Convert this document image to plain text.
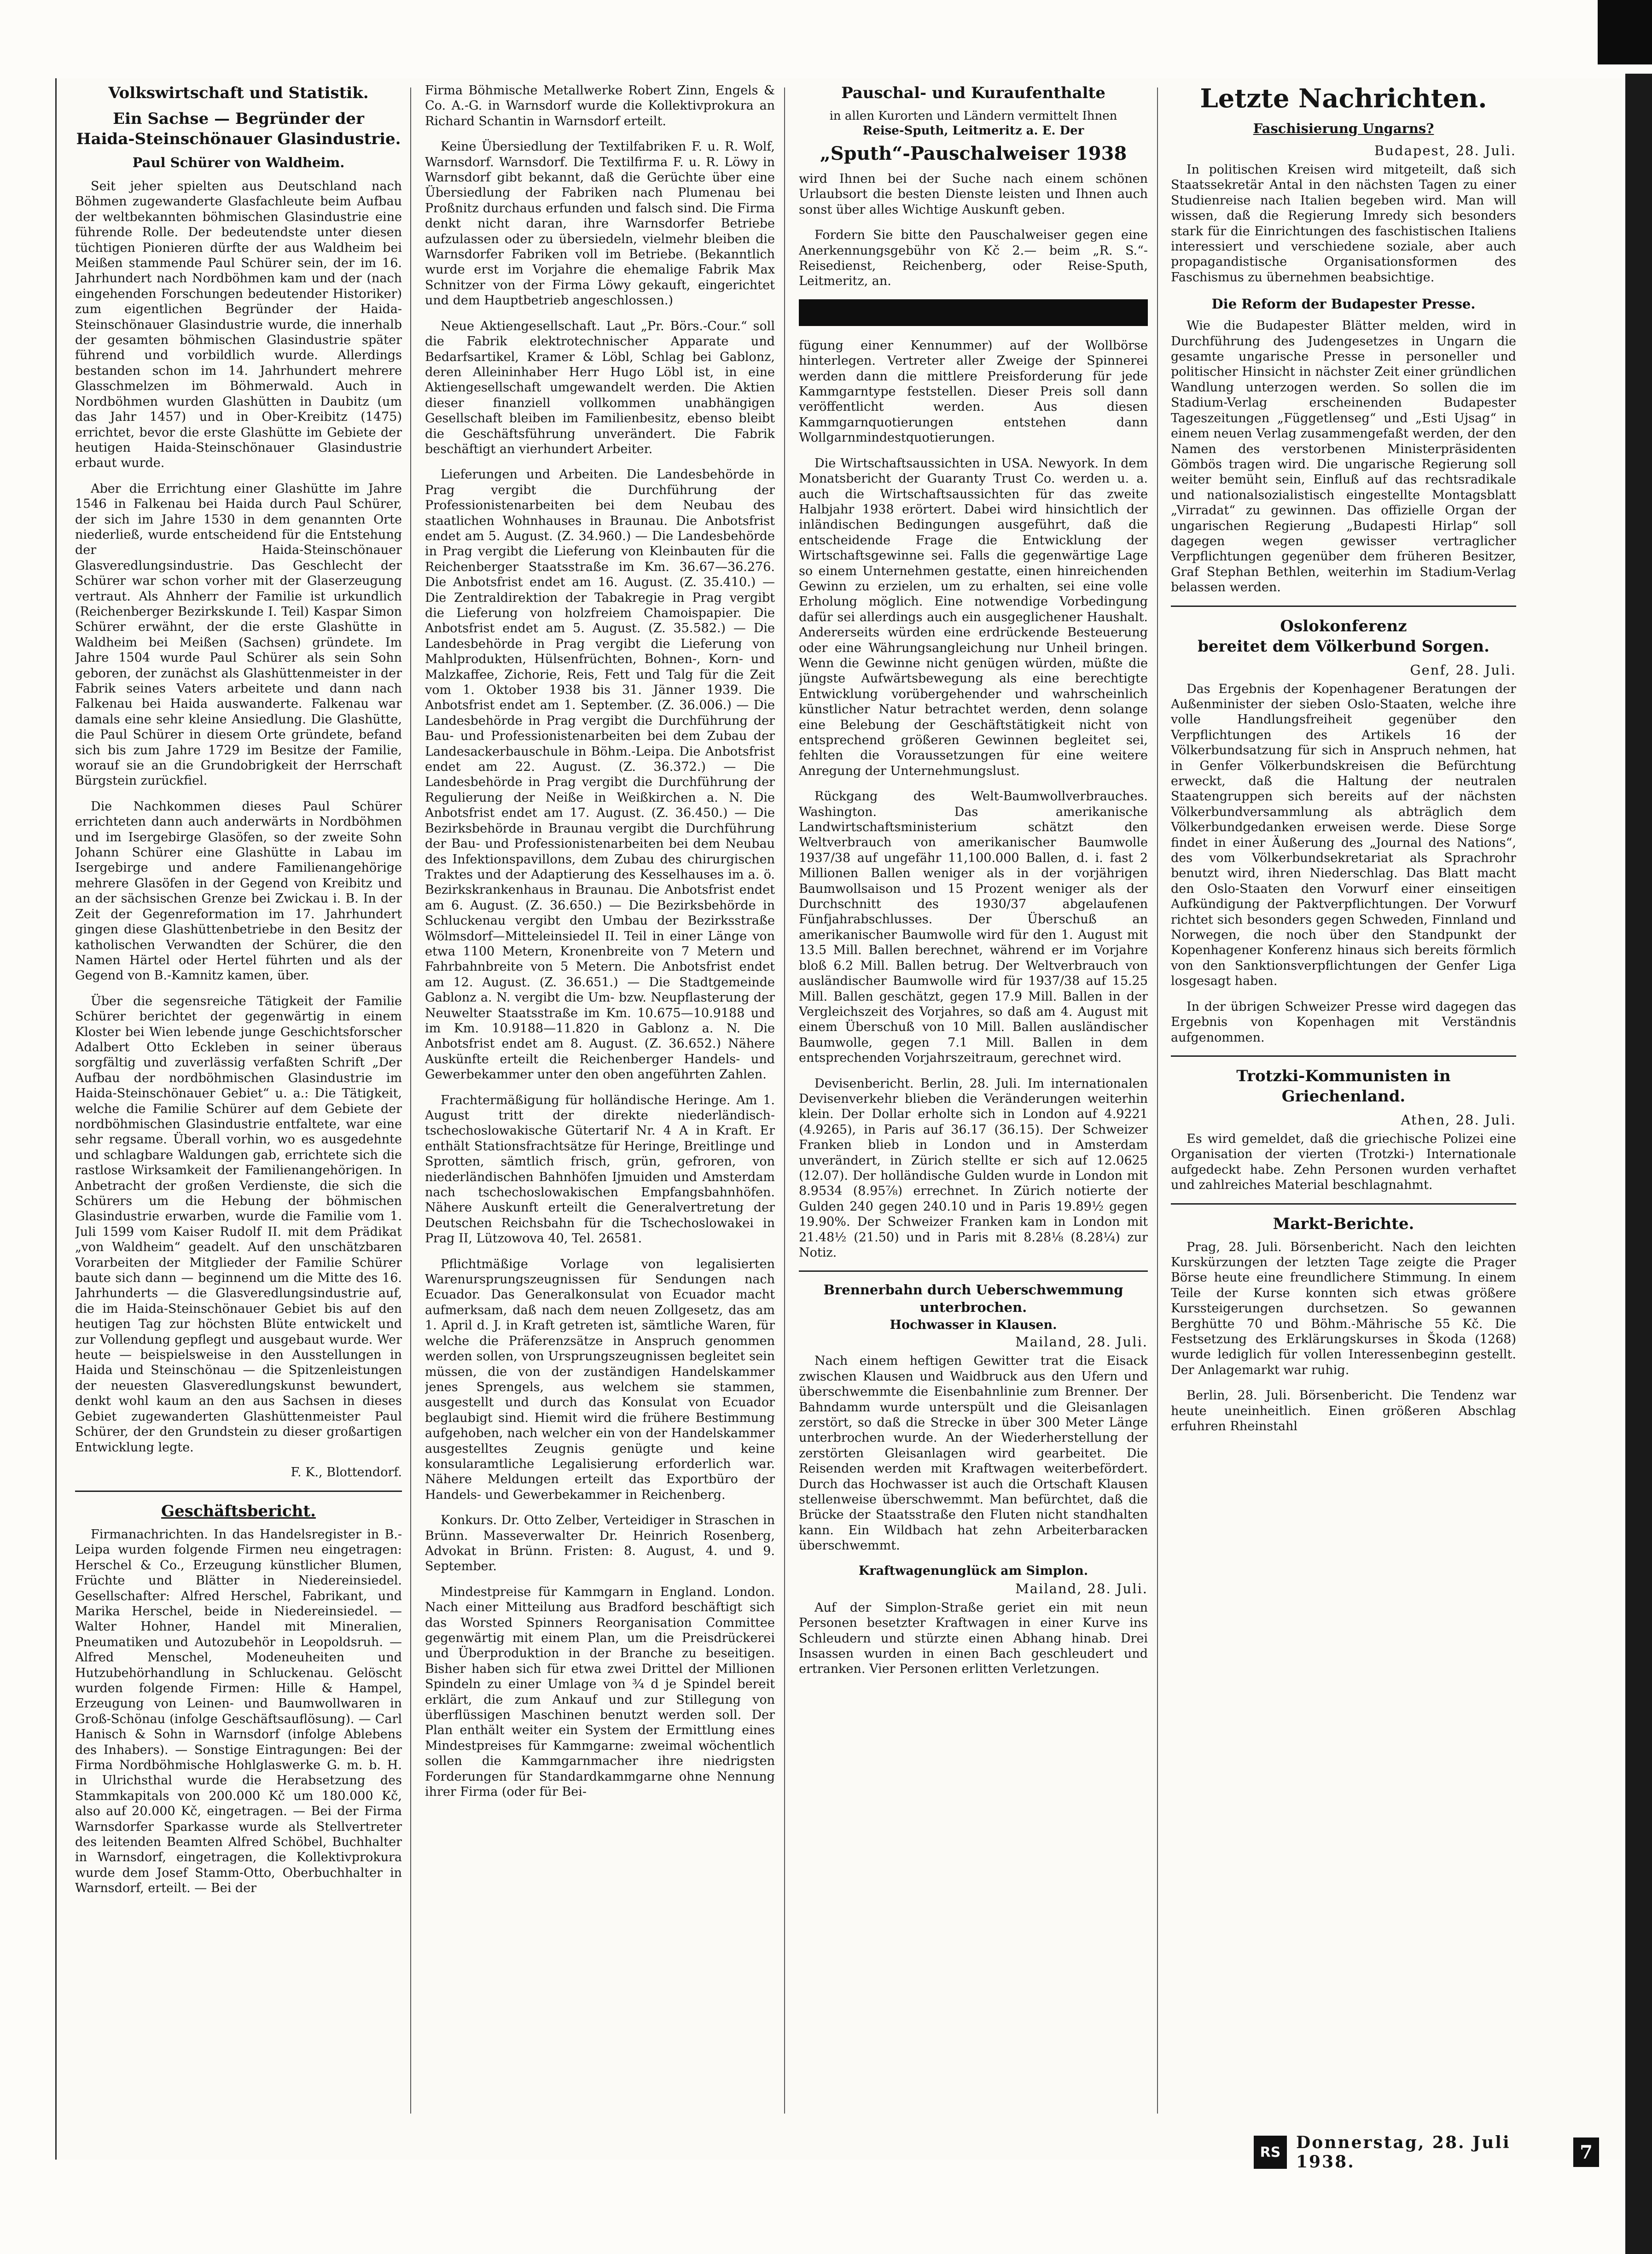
Volkswirtschaft und Statistik.
Ein Sachse — Begründer der
Haida-Steinschönauer Glasindustrie.
Paul Schürer von Waldheim.

Seit jeher spielten aus Deutschland nach Böhmen zugewanderte Glasfachleute beim Aufbau der weltbekannten böhmischen Glasindustrie eine führende Rolle. Der bedeutendste unter diesen tüchtigen Pionieren dürfte der aus Waldheim bei Meißen stammende Paul Schürer sein, der im 16. Jahrhundert nach Nordböhmen kam und der (nach eingehenden Forschungen bedeutender Historiker) zum eigentlichen Begründer der Haida-Steinschönauer Glasindustrie wurde, die innerhalb der gesamten böhmischen Glasindustrie später führend und vorbildlich wurde. Allerdings bestanden schon im 14. Jahrhundert mehrere Glasschmelzen im Böhmerwald. Auch in Nordböhmen wurden Glashütten in Daubitz (um das Jahr 1457) und in Ober-Kreibitz (1475) errichtet, bevor die erste Glashütte im Gebiete der heutigen Haida-Steinschönauer Glasindustrie erbaut wurde.

Aber die Errichtung einer Glashütte im Jahre 1546 in Falkenau bei Haida durch Paul Schürer, der sich im Jahre 1530 in dem genannten Orte niederließ, wurde entscheidend für die Entstehung der Haida-Steinschönauer Glasveredlungsindustrie. Das Geschlecht der Schürer war schon vorher mit der Glaserzeugung vertraut. Als Ahnherr der Familie ist urkundlich (Reichenberger Bezirkskunde I. Teil) Kaspar Simon Schürer erwähnt, der die erste Glashütte in Waldheim bei Meißen (Sachsen) gründete. Im Jahre 1504 wurde Paul Schürer als sein Sohn geboren, der zunächst als Glashüttenmeister in der Fabrik seines Vaters arbeitete und dann nach Falkenau bei Haida auswanderte. Falkenau war damals eine sehr kleine Ansiedlung. Die Glashütte, die Paul Schürer in diesem Orte gründete, befand sich bis zum Jahre 1729 im Besitze der Familie, worauf sie an die Grundobrigkeit der Herrschaft Bürgstein zurückfiel.

Die Nachkommen dieses Paul Schürer errichteten dann auch anderwärts in Nordböhmen und im Isergebirge Glasöfen, so der zweite Sohn Johann Schürer eine Glashütte in Labau im Isergebirge und andere Familienangehörige mehrere Glasöfen in der Gegend von Kreibitz und an der sächsischen Grenze bei Zwickau i. B. In der Zeit der Gegenreformation im 17. Jahrhundert gingen diese Glashüttenbetriebe in den Besitz der katholischen Verwandten der Schürer, die den Namen Härtel oder Hertel führten und als der Gegend von B.-Kamnitz kamen, über.

Über die segensreiche Tätigkeit der Familie Schürer berichtet der gegenwärtig in einem Kloster bei Wien lebende junge Geschichtsforscher Adalbert Otto Eckleben in seiner überaus sorgfältig und zuverlässig verfaßten Schrift „Der Aufbau der nordböhmischen Glasindustrie im Haida-Steinschönauer Gebiet“ u. a.: Die Tätigkeit, welche die Familie Schürer auf dem Gebiete der nordböhmischen Glasindustrie entfaltete, war eine sehr regsame. Überall vorhin, wo es ausgedehnte und schlagbare Waldungen gab, errichtete sich die rastlose Wirksamkeit der Familienangehörigen. In Anbetracht der großen Verdienste, die sich die Schürers um die Hebung der böhmischen Glasindustrie erwarben, wurde die Familie vom 1. Juli 1599 vom Kaiser Rudolf II. mit dem Prädikat „von Waldheim“ geadelt. Auf den unschätzbaren Vorarbeiten der Mitglieder der Familie Schürer baute sich dann — beginnend um die Mitte des 16. Jahrhunderts — die Glasveredlungsindustrie auf, die im Haida-Steinschönauer Gebiet bis auf den heutigen Tag zur höchsten Blüte entwickelt und zur Vollendung gepflegt und ausgebaut wurde. Wer heute — beispielsweise in den Ausstellungen in Haida und Steinschönau — die Spitzenleistungen der neuesten Glasveredlungskunst bewundert, denkt wohl kaum an den aus Sachsen in dieses Gebiet zugewanderten Glashüttenmeister Paul Schürer, der den Grundstein zu dieser großartigen Entwicklung legte.

F. K., Blottendorf.
Geschäftsbericht.

Firmanachrichten. In das Handelsregister in B.-Leipa wurden folgende Firmen neu eingetragen: Herschel & Co., Erzeugung künstlicher Blumen, Früchte und Blätter in Niedereinsiedel. Gesellschafter: Alfred Herschel, Fabrikant, und Marika Herschel, beide in Niedereinsiedel. — Walter Hohner, Handel mit Mineralien, Pneumatiken und Autozubehör in Leopoldsruh. — Alfred Menschel, Modeneuheiten und Hutzubehörhandlung in Schluckenau. Gelöscht wurden folgende Firmen: Hille & Hampel, Erzeugung von Leinen- und Baumwollwaren in Groß-Schönau (infolge Geschäftsauflösung). — Carl Hanisch & Sohn in Warnsdorf (infolge Ablebens des Inhabers). — Sonstige Eintragungen: Bei der Firma Nordböhmische Hohlglaswerke G. m. b. H. in Ulrichsthal wurde die Herabsetzung des Stammkapitals von 200.000 Kč um 180.000 Kč, also auf 20.000 Kč, eingetragen. — Bei der Firma Warnsdorfer Sparkasse wurde als Stellvertreter des leitenden Beamten Alfred Schöbel, Buchhalter in Warnsdorf, eingetragen, die Kollektivprokura wurde dem Josef Stamm-Otto, Oberbuchhalter in Warnsdorf, erteilt. — Bei der

Firma Böhmische Metallwerke Robert Zinn, Engels & Co. A.-G. in Warnsdorf wurde die Kollektivprokura an Richard Schantin in Warnsdorf erteilt.

Keine Übersiedlung der Textilfabriken F. u. R. Wolf, Warnsdorf. Warnsdorf. Die Textilfirma F. u. R. Löwy in Warnsdorf gibt bekannt, daß die Gerüchte über eine Übersiedlung der Fabriken nach Plumenau bei Proßnitz durchaus erfunden und falsch sind. Die Firma denkt nicht daran, ihre Warnsdorfer Betriebe aufzulassen oder zu übersiedeln, vielmehr bleiben die Warnsdorfer Fabriken voll im Betriebe. (Bekanntlich wurde erst im Vorjahre die ehemalige Fabrik Max Schnitzer von der Firma Löwy gekauft, eingerichtet und dem Hauptbetrieb angeschlossen.)

Neue Aktiengesellschaft. Laut „Pr. Börs.-Cour.“ soll die Fabrik elektrotechnischer Apparate und Bedarfsartikel, Kramer & Löbl, Schlag bei Gablonz, deren Alleininhaber Herr Hugo Löbl ist, in eine Aktiengesellschaft umgewandelt werden. Die Aktien dieser finanziell vollkommen unabhängigen Gesellschaft bleiben im Familienbesitz, ebenso bleibt die Geschäftsführung unverändert. Die Fabrik beschäftigt an vierhundert Arbeiter.

Lieferungen und Arbeiten. Die Landesbehörde in Prag vergibt die Durchführung der Professionistenarbeiten bei dem Neubau des staatlichen Wohnhauses in Braunau. Die Anbotsfrist endet am 5. August. (Z. 34.960.) — Die Landesbehörde in Prag vergibt die Lieferung von Kleinbauten für die Reichenberger Staatsstraße im Km. 36.67—36.276. Die Anbotsfrist endet am 16. August. (Z. 35.410.) — Die Zentraldirektion der Tabakregie in Prag vergibt die Lieferung von holzfreiem Chamoispapier. Die Anbotsfrist endet am 5. August. (Z. 35.582.) — Die Landesbehörde in Prag vergibt die Lieferung von Mahlprodukten, Hülsenfrüchten, Bohnen-, Korn- und Malzkaffee, Zichorie, Reis, Fett und Talg für die Zeit vom 1. Oktober 1938 bis 31. Jänner 1939. Die Anbotsfrist endet am 1. September. (Z. 36.006.) — Die Landesbehörde in Prag vergibt die Durchführung der Bau- und Professionistenarbeiten bei dem Zubau der Landesackerbauschule in Böhm.-Leipa. Die Anbotsfrist endet am 22. August. (Z. 36.372.) — Die Landesbehörde in Prag vergibt die Durchführung der Regulierung der Neiße in Weißkirchen a. N. Die Anbotsfrist endet am 17. August. (Z. 36.450.) — Die Bezirksbehörde in Braunau vergibt die Durchführung der Bau- und Professionistenarbeiten bei dem Neubau des Infektionspavillons, dem Zubau des chirurgischen Traktes und der Adaptierung des Kesselhauses im a. ö. Bezirkskrankenhaus in Braunau. Die Anbotsfrist endet am 6. August. (Z. 36.650.) — Die Bezirksbehörde in Schluckenau vergibt den Umbau der Bezirksstraße Wölmsdorf—Mitteleinsiedel II. Teil in einer Länge von etwa 1100 Metern, Kronenbreite von 7 Metern und Fahrbahnbreite von 5 Metern. Die Anbotsfrist endet am 12. August. (Z. 36.651.) — Die Stadtgemeinde Gablonz a. N. vergibt die Um- bzw. Neupflasterung der Neuwelter Staatsstraße im Km. 10.675—10.9188 und im Km. 10.9188—11.820 in Gablonz a. N. Die Anbotsfrist endet am 8. August. (Z. 36.652.) Nähere Auskünfte erteilt die Reichenberger Handels- und Gewerbekammer unter den oben angeführten Zahlen.

Frachtermäßigung für holländische Heringe. Am 1. August tritt der direkte niederländisch-tschechoslowakische Gütertarif Nr. 4 A in Kraft. Er enthält Stationsfrachtsätze für Heringe, Breitlinge und Sprotten, sämtlich frisch, grün, gefroren, von niederländischen Bahnhöfen Ijmuiden und Amsterdam nach tschechoslowakischen Empfangsbahnhöfen. Nähere Auskunft erteilt die Generalvertretung der Deutschen Reichsbahn für die Tschechoslowakei in Prag II, Lützowova 40, Tel. 26581.

Pflichtmäßige Vorlage von legalisierten Warenursprungszeugnissen für Sendungen nach Ecuador. Das Generalkonsulat von Ecuador macht aufmerksam, daß nach dem neuen Zollgesetz, das am 1. April d. J. in Kraft getreten ist, sämtliche Waren, für welche die Präferenzsätze in Anspruch genommen werden sollen, von Ursprungszeugnissen begleitet sein müssen, die von der zuständigen Handelskammer jenes Sprengels, aus welchem sie stammen, ausgestellt und durch das Konsulat von Ecuador beglaubigt sind. Hiemit wird die frühere Bestimmung aufgehoben, nach welcher ein von der Handelskammer ausgestelltes Zeugnis genügte und keine konsularamtliche Legalisierung erforderlich war. Nähere Meldungen erteilt das Exportbüro der Handels- und Gewerbekammer in Reichenberg.

Konkurs. Dr. Otto Zelber, Verteidiger in Straschen in Brünn. Masseverwalter Dr. Heinrich Rosenberg, Advokat in Brünn. Fristen: 8. August, 4. und 9. September.

Mindestpreise für Kammgarn in England. London. Nach einer Mitteilung aus Bradford beschäftigt sich das Worsted Spinners Reorganisation Committee gegenwärtig mit einem Plan, um die Preisdrückerei und Überproduktion in der Branche zu beseitigen. Bisher haben sich für etwa zwei Drittel der Millionen Spindeln zu einer Umlage von ¾ d je Spindel bereit erklärt, die zum Ankauf und zur Stillegung von überflüssigen Maschinen benutzt werden soll. Der Plan enthält weiter ein System der Ermittlung eines Mindestpreises für Kammgarne: zweimal wöchentlich sollen die Kammgarnmacher ihre niedrigsten Forderungen für Standardkammgarne ohne Nennung ihrer Firma (oder für Bei-

Pauschal- und Kuraufenthalte
in allen Kurorten und Ländern vermittelt Ihnen
Reise-Sputh, Leitmeritz a. E. Der
„Sputh“-Pauschalweiser 1938

wird Ihnen bei der Suche nach einem schönen Urlaubsort die besten Dienste leisten und Ihnen auch sonst über alles Wichtige Auskunft geben.

Fordern Sie bitte den Pauschalweiser gegen eine Anerkennungsgebühr von Kč 2.— beim „R. S.“-Reisedienst, Reichenberg, oder Reise-Sputh, Leitmeritz, an.

fügung einer Kennummer) auf der Wollbörse hinterlegen. Vertreter aller Zweige der Spinnerei werden dann die mittlere Preisforderung für jede Kammgarntype feststellen. Dieser Preis soll dann veröffentlicht werden. Aus diesen Kammgarnquotierungen entstehen dann Wollgarnmindestquotierungen.

Die Wirtschaftsaussichten in USA. Newyork. In dem Monatsbericht der Guaranty Trust Co. werden u. a. auch die Wirtschaftsaussichten für das zweite Halbjahr 1938 erörtert. Dabei wird hinsichtlich der inländischen Bedingungen ausgeführt, daß die entscheidende Frage die Entwicklung der Wirtschaftsgewinne sei. Falls die gegenwärtige Lage so einem Unternehmen gestatte, einen hinreichenden Gewinn zu erzielen, um zu erhalten, sei eine volle Erholung möglich. Eine notwendige Vorbedingung dafür sei allerdings auch ein ausgeglichener Haushalt. Andererseits würden eine erdrückende Besteuerung oder eine Währungsangleichung nur Unheil bringen. Wenn die Gewinne nicht genügen würden, müßte die jüngste Aufwärtsbewegung als eine berechtigte Entwicklung vorübergehender und wahrscheinlich künstlicher Natur betrachtet werden, denn solange eine Belebung der Geschäftstätigkeit nicht von entsprechend größeren Gewinnen begleitet sei, fehlten die Voraussetzungen für eine weitere Anregung der Unternehmungslust.

Rückgang des Welt-Baumwollverbrauches. Washington. Das amerikanische Landwirtschaftsministerium schätzt den Weltverbrauch von amerikanischer Baumwolle 1937/38 auf ungefähr 11,100.000 Ballen, d. i. fast 2 Millionen Ballen weniger als in der vorjährigen Baumwollsaison und 15 Prozent weniger als der Durchschnitt des 1930/37 abgelaufenen Fünfjahrabschlusses. Der Überschuß an amerikanischer Baumwolle wird für den 1. August mit 13.5 Mill. Ballen berechnet, während er im Vorjahre bloß 6.2 Mill. Ballen betrug. Der Weltverbrauch von ausländischer Baumwolle wird für 1937/38 auf 15.25 Mill. Ballen geschätzt, gegen 17.9 Mill. Ballen in der Vergleichszeit des Vorjahres, so daß am 4. August mit einem Überschuß von 10 Mill. Ballen ausländischer Baumwolle, gegen 7.1 Mill. Ballen in dem entsprechenden Vorjahrszeitraum, gerechnet wird.

Devisenbericht. Berlin, 28. Juli. Im internationalen Devisenverkehr blieben die Veränderungen weiterhin klein. Der Dollar erholte sich in London auf 4.9221 (4.9265), in Paris auf 36.17 (36.15). Der Schweizer Franken blieb in London und in Amsterdam unverändert, in Zürich stellte er sich auf 12.0625 (12.07). Der holländische Gulden wurde in London mit 8.9534 (8.95⅞) errechnet. In Zürich notierte der Gulden 240 gegen 240.10 und in Paris 19.89½ gegen 19.90%. Der Schweizer Franken kam in London mit 21.48½ (21.50) und in Paris mit 8.28⅛ (8.28¼) zur Notiz.

Brennerbahn durch Ueberschwemmung
unterbrochen.
Hochwasser in Klausen.
Mailand, 28. Juli.

Nach einem heftigen Gewitter trat die Eisack zwischen Klausen und Waidbruck aus den Ufern und überschwemmte die Eisenbahnlinie zum Brenner. Der Bahndamm wurde unterspült und die Gleisanlagen zerstört, so daß die Strecke in über 300 Meter Länge unterbrochen wurde. An der Wiederherstellung der zerstörten Gleisanlagen wird gearbeitet. Die Reisenden werden mit Kraftwagen weiterbefördert. Durch das Hochwasser ist auch die Ortschaft Klausen stellenweise überschwemmt. Man befürchtet, daß die Brücke der Staatsstraße den Fluten nicht standhalten kann. Ein Wildbach hat zehn Arbeiterbaracken überschwemmt.

Kraftwagenunglück am Simplon.
Mailand, 28. Juli.

Auf der Simplon-Straße geriet ein mit neun Personen besetzter Kraftwagen in einer Kurve ins Schleudern und stürzte einen Abhang hinab. Drei Insassen wurden in einen Bach geschleudert und ertranken. Vier Personen erlitten Verletzungen.

Letzte Nachrichten.
Faschisierung Ungarns?
Budapest, 28. Juli.

In politischen Kreisen wird mitgeteilt, daß sich Staatssekretär Antal in den nächsten Tagen zu einer Studienreise nach Italien begeben wird. Man will wissen, daß die Regierung Imredy sich besonders stark für die Einrichtungen des faschistischen Italiens interessiert und verschiedene soziale, aber auch propagandistische Organisationsformen des Faschismus zu übernehmen beabsichtige.

Die Reform der Budapester Presse.

Wie die Budapester Blätter melden, wird in Durchführung des Judengesetzes in Ungarn die gesamte ungarische Presse in personeller und politischer Hinsicht in nächster Zeit einer gründlichen Wandlung unterzogen werden. So sollen die im Stadium-Verlag erscheinenden Budapester Tageszeitungen „Függetlenseg“ und „Esti Ujsag“ in einem neuen Verlag zusammengefaßt werden, der den Namen des verstorbenen Ministerpräsidenten Gömbös tragen wird. Die ungarische Regierung soll weiter bemüht sein, Einfluß auf das rechtsradikale und nationalsozialistisch eingestellte Montagsblatt „Virradat“ zu gewinnen. Das offizielle Organ der ungarischen Regierung „Budapesti Hirlap“ soll dagegen wegen gewisser vertraglicher Verpflichtungen gegenüber dem früheren Besitzer, Graf Stephan Bethlen, weiterhin im Stadium-Verlag belassen werden.

Oslokonferenz
bereitet dem Völkerbund Sorgen.
Genf, 28. Juli.

Das Ergebnis der Kopenhagener Beratungen der Außenminister der sieben Oslo-Staaten, welche ihre volle Handlungsfreiheit gegenüber den Verpflichtungen des Artikels 16 der Völkerbundsatzung für sich in Anspruch nehmen, hat in Genfer Völkerbundskreisen die Befürchtung erweckt, daß die Haltung der neutralen Staatengruppen sich bereits auf der nächsten Völkerbundversammlung als abträglich dem Völkerbundgedanken erweisen werde. Diese Sorge findet in einer Äußerung des „Journal des Nations“, des vom Völkerbundsekretariat als Sprachrohr benutzt wird, ihren Niederschlag. Das Blatt macht den Oslo-Staaten den Vorwurf einer einseitigen Aufkündigung der Paktverpflichtungen. Der Vorwurf richtet sich besonders gegen Schweden, Finnland und Norwegen, die noch über den Standpunkt der Kopenhagener Konferenz hinaus sich bereits förmlich von den Sanktionsverpflichtungen der Genfer Liga losgesagt haben.

In der übrigen Schweizer Presse wird dagegen das Ergebnis von Kopenhagen mit Verständnis aufgenommen.

Trotzki-Kommunisten in
Griechenland.
Athen, 28. Juli.

Es wird gemeldet, daß die griechische Polizei eine Organisation der vierten (Trotzki-) Internationale aufgedeckt habe. Zehn Personen wurden verhaftet und zahlreiches Material beschlagnahmt.

Markt-Berichte.

Prag, 28. Juli. Börsenbericht. Nach den leichten Kurskürzungen der letzten Tage zeigte die Prager Börse heute eine freundlichere Stimmung. In einem Teile der Kurse konnten sich etwas größere Kurssteigerungen durchsetzen. So gewannen Berghütte 70 und Böhm.-Mährische 55 Kč. Die Festsetzung des Erklärungskurses in Škoda (1268) wurde lediglich für vollen Interessenbeginn gestellt. Der Anlagemarkt war ruhig.

Berlin, 28. Juli. Börsenbericht. Die Tendenz war heute uneinheitlich. Einen größeren Abschlag erfuhren Rheinstahl

RS Donnerstag, 28. Juli 1938.	7
